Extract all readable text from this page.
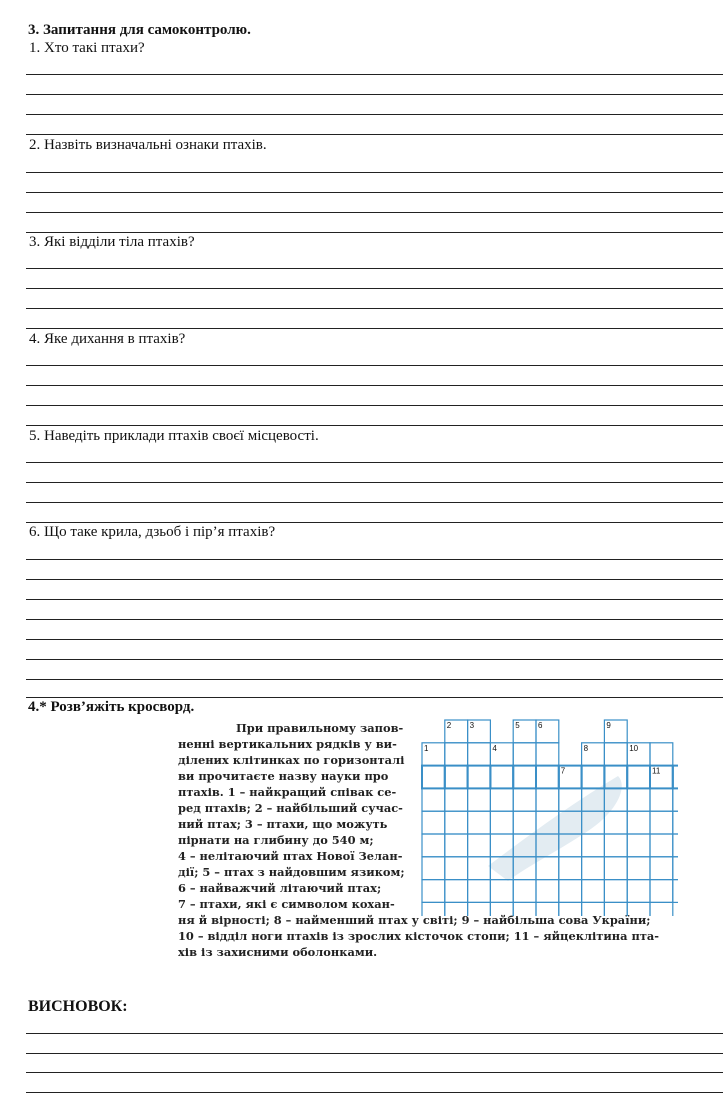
3. Запитання для самоконтролю.
1. Хто такі птахи?
2. Назвіть визначальні ознаки птахів.
3. Які відділи тіла птахів?
4. Яке дихання в птахів?
5. Наведіть приклади птахів своєї місцевості.
6. Що таке крила, дзьоб і пір’я птахів?
4.* Розв’яжіть кросворд.
При правильному запов-
ненні вертикальних рядків у ви-
ділених клітинках по горизонталі
ви прочитаєте назву науки про
птахів. 1 – найкращий співак се-
ред птахів; 2 – найбільший сучас-
ний птах; 3 – птахи, що можуть
пірнати на глибину до 540 м;
4 – нелітаючий птах Нової Зелан-
дії; 5 – птах з найдовшим язиком;
6 – найважчий літаючий птах;
7 – птахи, які є символом кохан-
ня й вірності; 8 – найменший птах у світі; 9 – найбільша сова України;
10 – відділ ноги птахів із зрослих кісточок стопи; 11 – яйцеклітина пта-
хів із захисними оболонками.
1
2 3
4
5 6
7
8
9
10
11
ВИСНОВОК:
